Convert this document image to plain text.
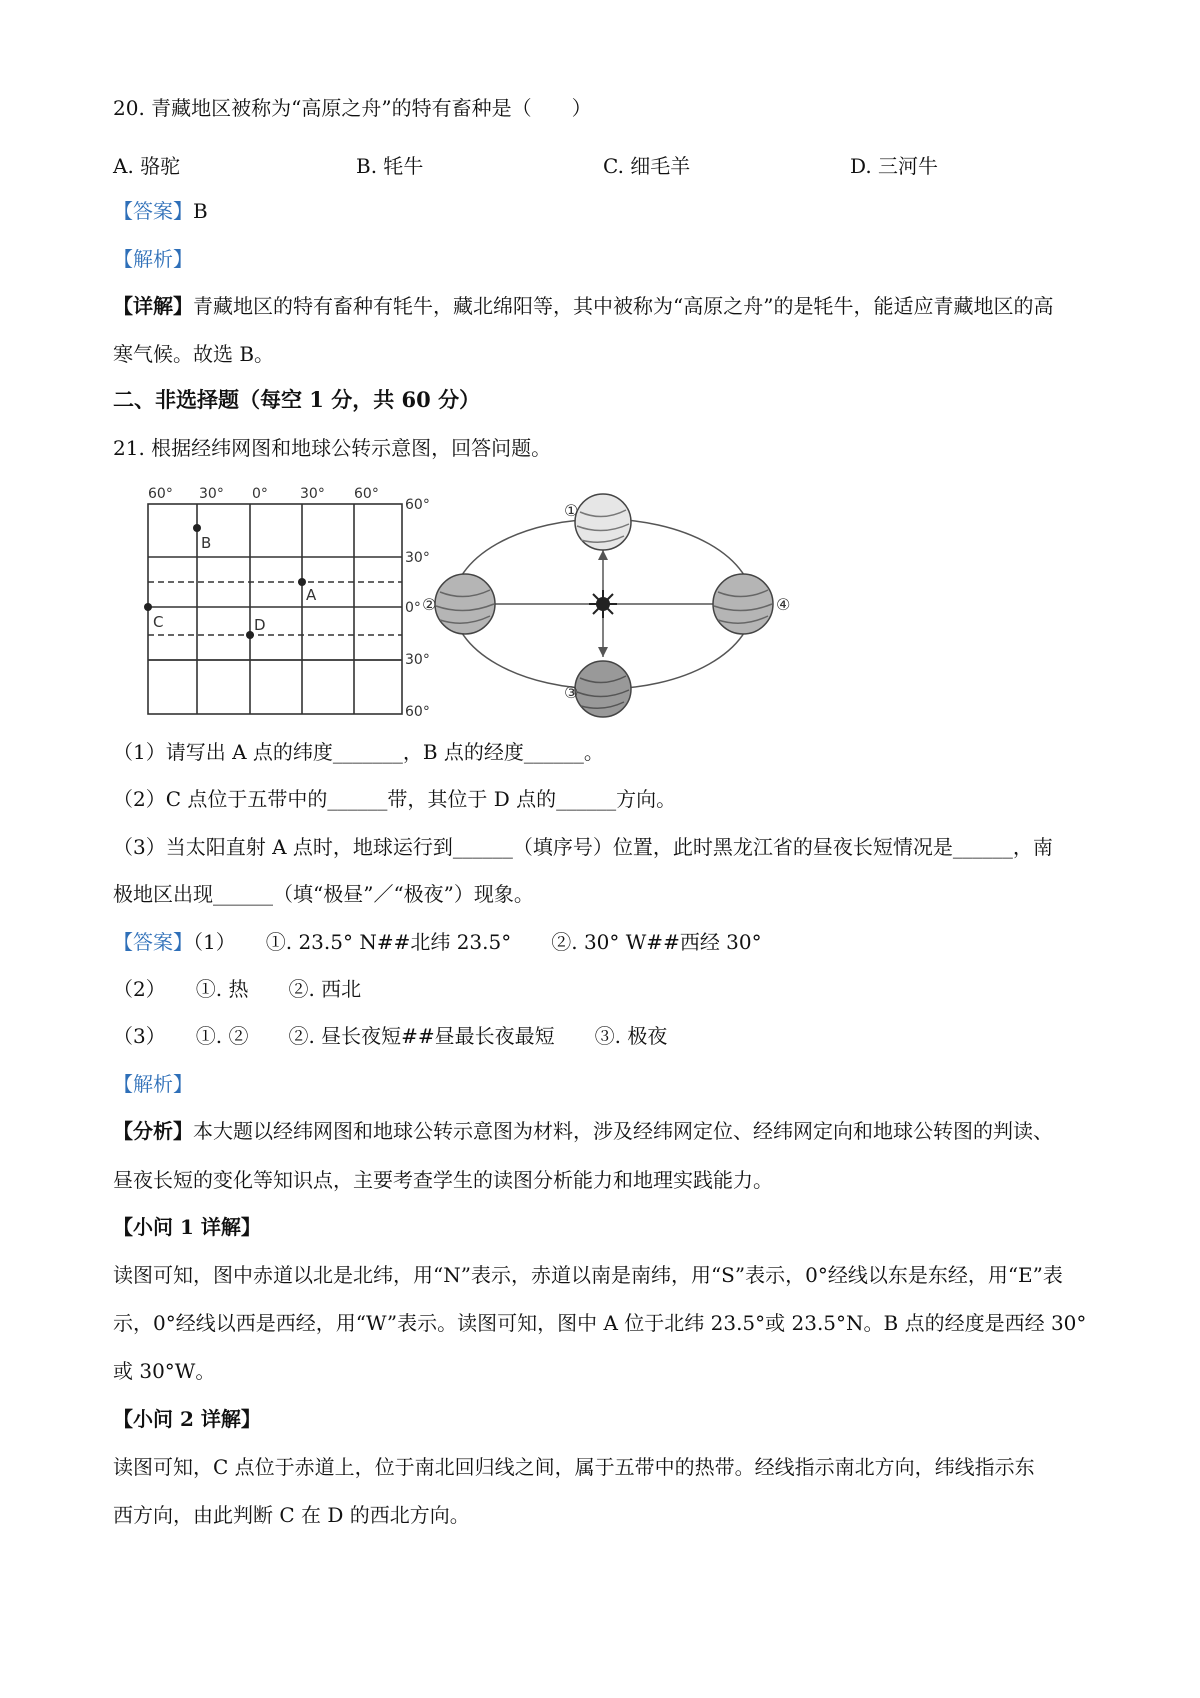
20. 青藏地区被称为“高原之舟”的特有畜种是（　　）
A. 骆驼	B. 牦牛	C. 细毛羊	D. 三河牛
【答案】B
【解析】
【详解】青藏地区的特有畜种有牦牛，藏北绵阳等，其中被称为“高原之舟”的是牦牛，能适应青藏地区的高
寒气候。故选 B。
二、非选择题（每空 1 分，共 60 分）
21. 根据经纬网图和地球公转示意图，回答问题。
60° 30° 0° 30° 60°
60°
30°
0°
30°
60°
A
B
C	D
①
②
③
④
（1）请写出 A 点的纬度_______，B 点的经度______。
（2）C 点位于五带中的______带，其位于 D 点的______方向。
（3）当太阳直射 A 点时，地球运行到______（填序号）位置，此时黑龙江省的昼夜长短情况是______，南
极地区出现______（填“极昼”／“极夜”）现象。
【答案】（1）　　①. 23.5° N##北纬 23.5°　　②. 30° W##西经 30°
（2）　　①. 热　　②. 西北
（3）　　①. ②　　②. 昼长夜短##昼最长夜最短　　③. 极夜
【解析】
【分析】本大题以经纬网图和地球公转示意图为材料，涉及经纬网定位、经纬网定向和地球公转图的判读、
昼夜长短的变化等知识点，主要考查学生的读图分析能力和地理实践能力。
【小问 1 详解】
读图可知，图中赤道以北是北纬，用“N”表示，赤道以南是南纬，用“S”表示，0°经线以东是东经，用“E”表
示，0°经线以西是西经，用“W”表示。读图可知，图中 A 位于北纬 23.5°或 23.5°N。B 点的经度是西经 30°
或 30°W。
【小问 2 详解】
读图可知，C 点位于赤道上，位于南北回归线之间，属于五带中的热带。经线指示南北方向，纬线指示东
西方向，由此判断 C 在 D 的西北方向。
